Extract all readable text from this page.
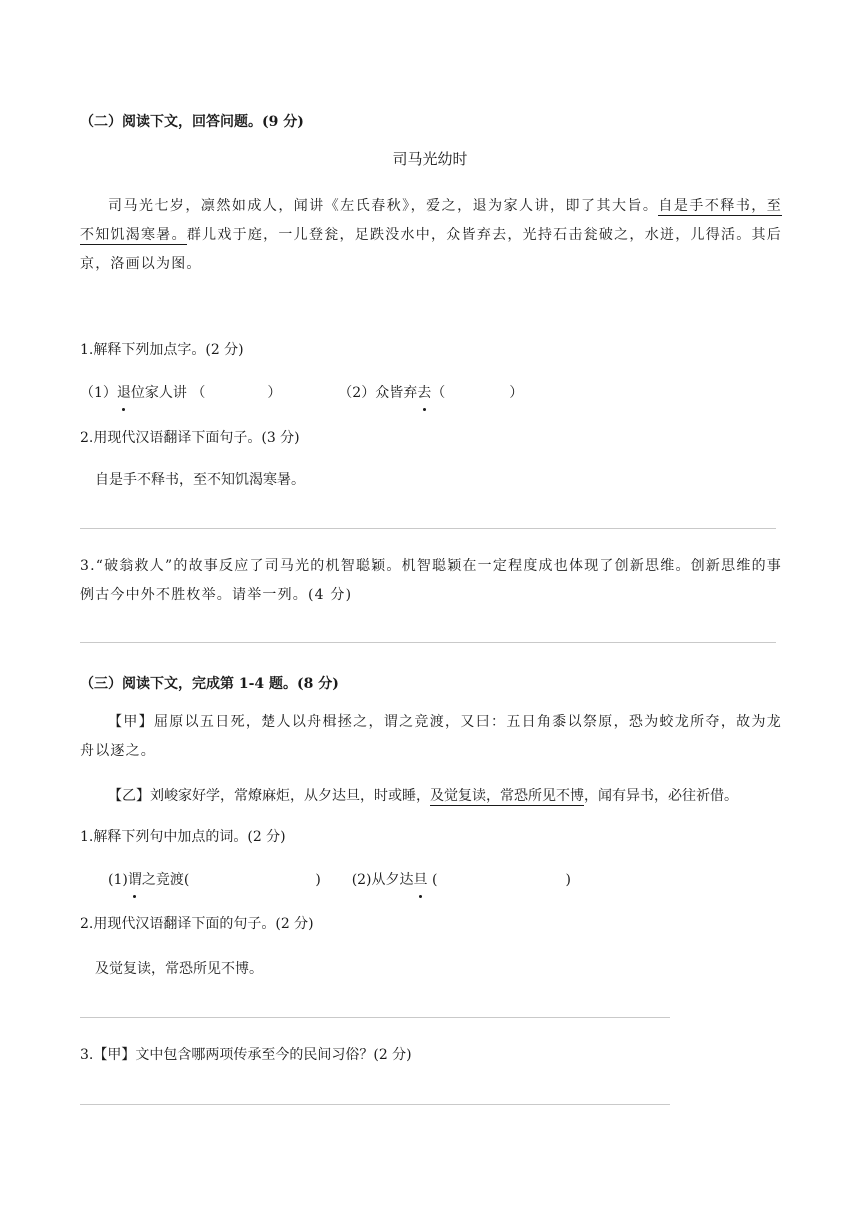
（二）阅读下文，回答问题。(9 分)
司马光幼时
司马光七岁，凛然如成人，闻讲《左氏春秋》，爱之，退为家人讲，即了其大旨。自是手不释书，至不知饥渴寒暑。群儿戏于庭，一儿登瓮，足跌没水中，众皆弃去，光持石击瓮破之，水迸，儿得活。其后京，洛画以为图。
1.解释下列加点字。(2 分)
（1）退位家人讲 （	）	（2）众皆弃去（	）
2.用现代汉语翻译下面句子。(3 分)
自是手不释书，至不知饥渴寒暑。
3.“破翁救人”的故事反应了司马光的机智聪颖。机智聪颖在一定程度成也体现了创新思维。创新思维的事例古今中外不胜枚举。请举一列。(4 分)
（三）阅读下文，完成第 1-4 题。(8 分)
【甲】屈原以五日死，楚人以舟楫拯之，谓之竞渡，又曰：五日角黍以祭原，恐为蛟龙所夺，故为龙舟以逐之。
【乙】刘峻家好学，常燎麻炬，从夕达旦，时或睡，及觉复读，常恐所见不博，闻有异书，必往祈借。
1.解释下列句中加点的词。(2 分)
(1)谓之竞渡(	) (2)从夕达旦 (	)
2.用现代汉语翻译下面的句子。(2 分)
及觉复读，常恐所见不博。
3.【甲】文中包含哪两项传承至今的民间习俗？(2 分)
